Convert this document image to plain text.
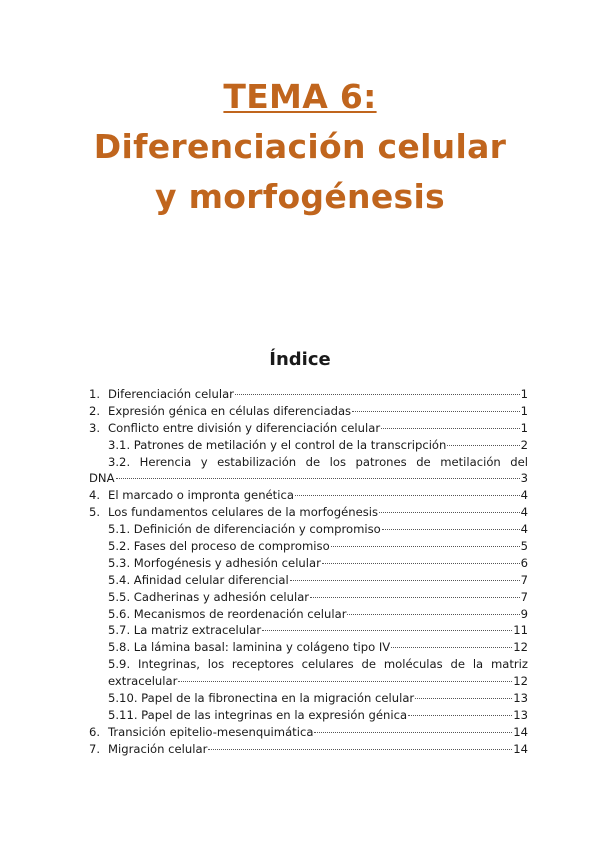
TEMA 6:
Diferenciación celular
y morfogénesis
Índice
1. Diferenciación celular	1
2. Expresión génica en células diferenciadas	1
3. Conflicto entre división y diferenciación celular	1
3.1. Patrones de metilación y el control de la transcripción	2
3.2. Herencia y estabilización de los patrones de metilación del
DNA	3
4. El marcado o impronta genética	4
5. Los fundamentos celulares de la morfogénesis	4
5.1. Definición de diferenciación y compromiso	4
5.2. Fases del proceso de compromiso	5
5.3. Morfogénesis y adhesión celular	6
5.4. Afinidad celular diferencial	7
5.5. Cadherinas y adhesión celular	7
5.6. Mecanismos de reordenación celular	9
5.7. La matriz extracelular	11
5.8. La lámina basal: laminina y colágeno tipo IV	12
5.9. Integrinas, los receptores celulares de moléculas de la matriz
extracelular	12
5.10. Papel de la fibronectina en la migración celular	13
5.11. Papel de las integrinas en la expresión génica	13
6. Transición epitelio-mesenquimática	14
7. Migración celular	14
